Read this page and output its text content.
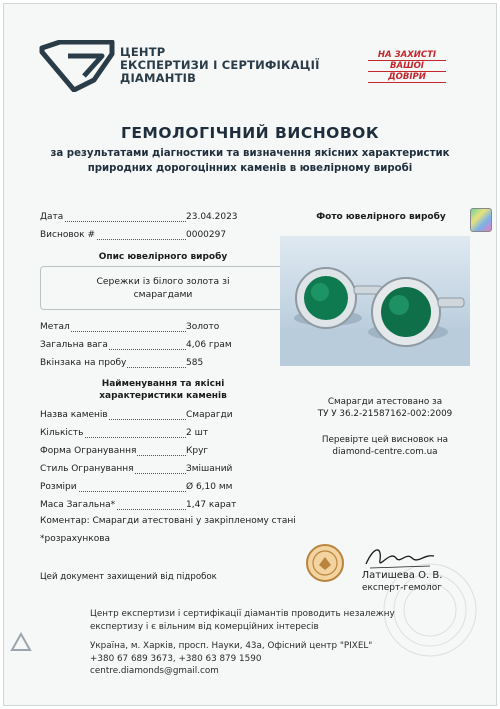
ЦЕНТР
ЕКСПЕРТИЗИ І СЕРТИФІКАЦІЇ
ДІАМАНТІВ
НА ЗАХИСТІ
ВАШОЇ
ДОВІРИ
ГЕМОЛОГІЧНИЙ ВИСНОВОК
за результатами діагностики та визначення якісних характеристик
природних дорогоцінних каменів в ювелірному виробі
Дата	23.04.2023
Висновок #	0000297
Опис ювелірного виробу
Сережки із білого золота зі
смарагдами
Метал	Золото
Загальна вага	4,06 грам
Вкінзака на пробу	585
Найменування та якісні
характеристики каменів
Назва каменів	Смарагди
Кількість	2 шт
Форма Огранування	Круг
Стиль Огранування	Змішаний
Розміри	Ø 6,10 мм
Маса Загальна*	1,47 карат
Коментар: Смарагди атестовані у закріпленому стані
*розрахункова
Цей документ захищений від підробок
Фото ювелірного виробу
Смарагди атестовано за
ТУ У 36.2-21587162-002:2009
Перевірте цей висновок на
diamond-centre.com.ua
Латишева О. В.
експерт-гемолог
Центр експертизи і сертифікації діамантів проводить незалежну
експертизу і є вільним від комерційних інтересів
Україна, м. Харків, просп. Науки, 43а, Офісний центр "PIXEL"
+380 67 689 3673, +380 63 879 1590
centre.diamonds@gmail.com
